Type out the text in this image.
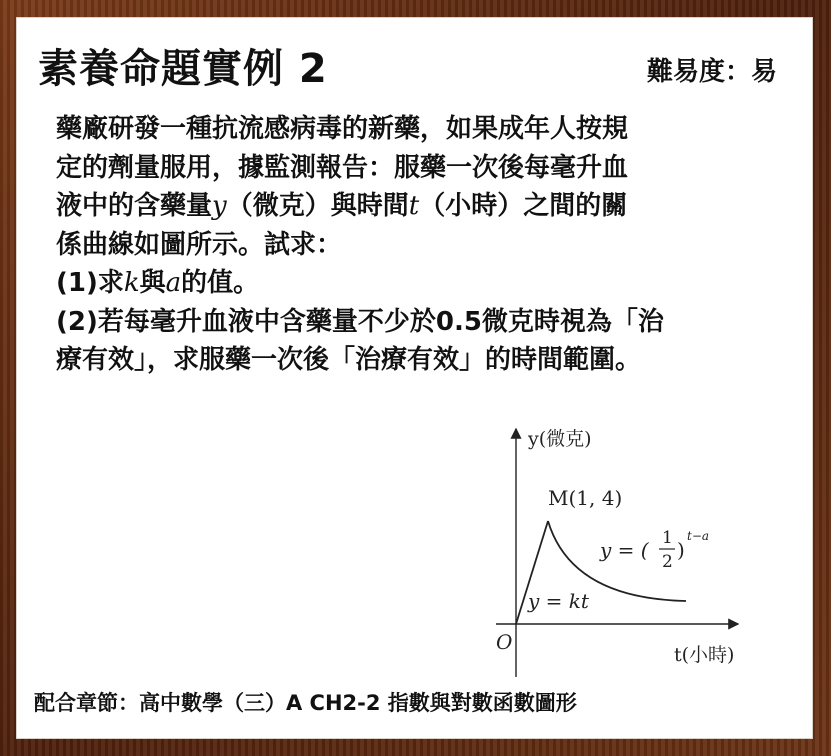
素養命題實例 2	難易度：易
藥廠研發一種抗流感病毒的新藥，如果成年人按規
定的劑量服用，據監測報告：服藥一次後每毫升血
液中的含藥量y（微克）與時間t（小時）之間的關
係曲線如圖所示。試求：
(1)求k與a的值。
(2)若每毫升血液中含藥量不少於0.5微克時視為「治
療有效」，求服藥一次後「治療有效」的時間範圍。
y(微克)
t(小時)
O
M(1, 4)
y = ( 1
2 )
t−a
y = kt
配合章節：高中數學（三）A CH2-2 指數與對數函數圖形
